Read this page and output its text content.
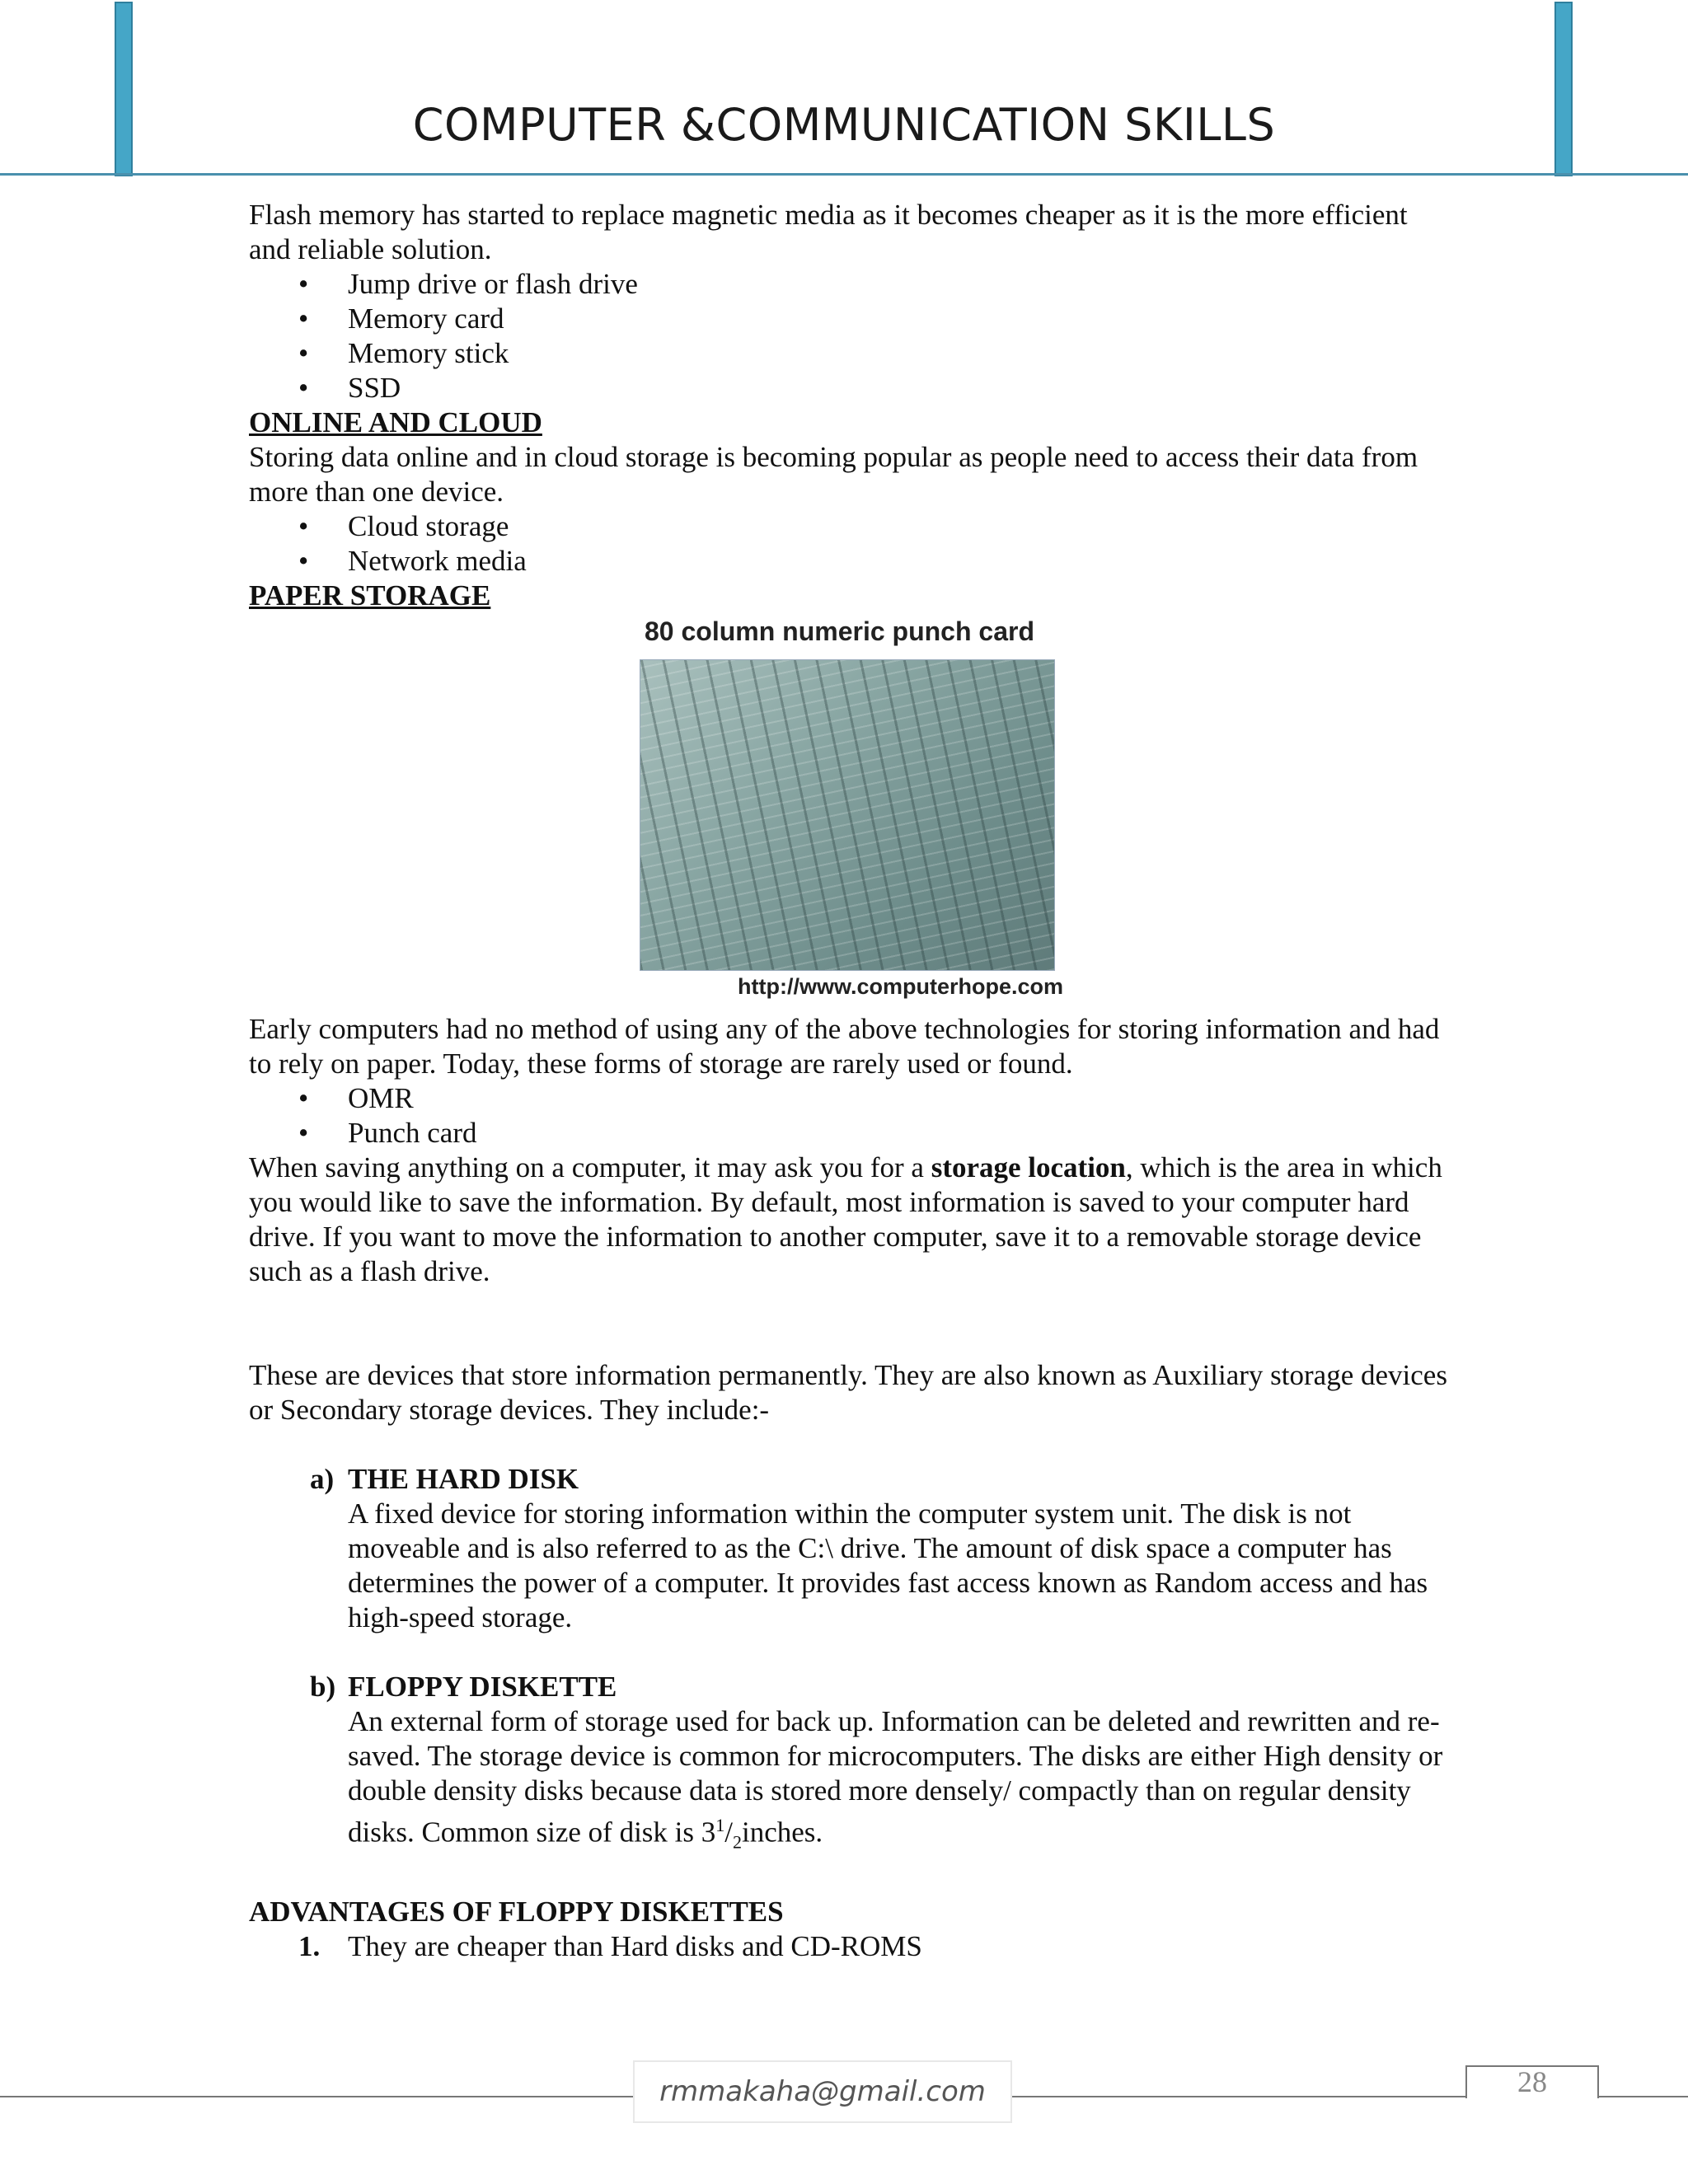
COMPUTER &COMMUNICATION SKILLS

Flash memory has started to replace magnetic media as it becomes cheaper as it is the more efficient and reliable solution.

• Jump drive or flash drive
• Memory card
• Memory stick
• SSD

ONLINE AND CLOUD

Storing data online and in cloud storage is becoming popular as people need to access their data from more than one device.

• Cloud storage
• Network media

PAPER STORAGE

80 column numeric punch card
http://www.computerhope.com

Early computers had no method of using any of the above technologies for storing information and had to rely on paper. Today, these forms of storage are rarely used or found.

• OMR
• Punch card

When saving anything on a computer, it may ask you for a storage location, which is the area in which you would like to save the information. By default, most information is saved to your computer hard drive. If you want to move the information to another computer, save it to a removable storage device such as a flash drive.

These are devices that store information permanently. They are also known as Auxiliary storage devices or Secondary storage devices. They include:-

a) THE HARD DISK

A fixed device for storing information within the computer system unit. The disk is not moveable and is also referred to as the C:\ drive. The amount of disk space a computer has determines the power of a computer. It provides fast access known as Random access and has high-speed storage.

b) FLOPPY DISKETTE

An external form of storage used for back up. Information can be deleted and rewritten and re-saved. The storage device is common for microcomputers. The disks are either High density or double density disks because data is stored more densely/ compactly than on regular density disks. Common size of disk is $3^1/_2inches$.

ADVANTAGES OF FLOPPY DISKETTES

1. They are cheaper than Hard disks and CD-ROMS

rmmakaha@gmail.com	28
